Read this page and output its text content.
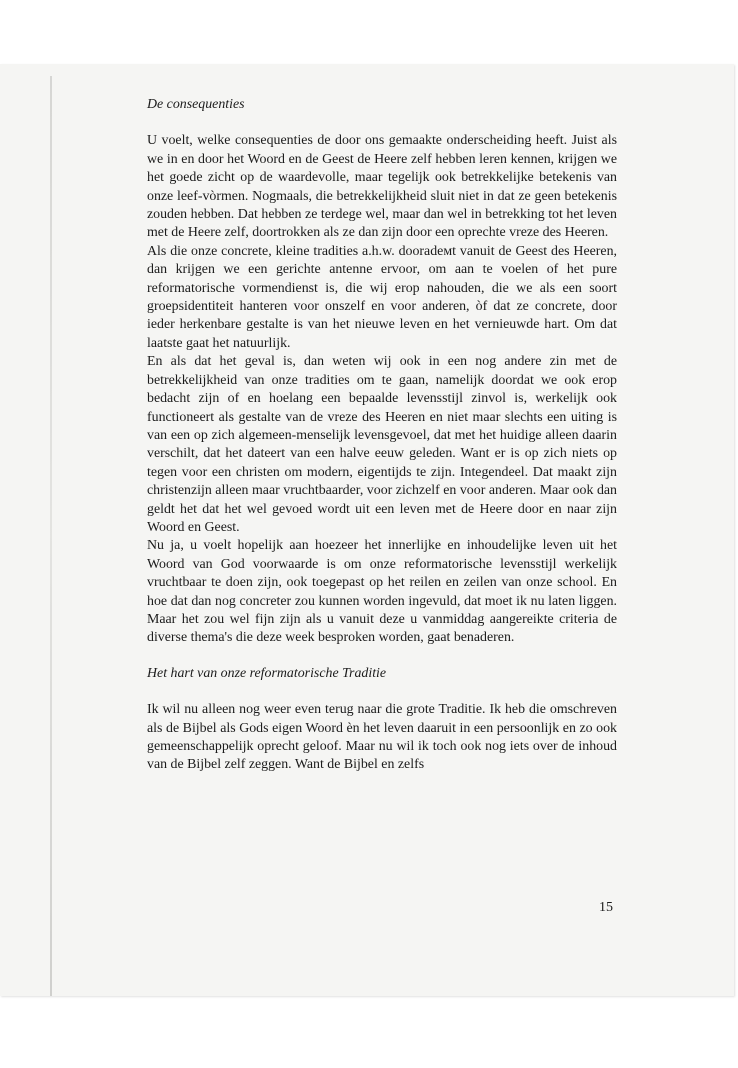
De consequenties

U voelt, welke consequenties de door ons gemaakte onderscheiding heeft. Juist als we in en door het Woord en de Geest de Heere zelf hebben leren kennen, krijgen we het goede zicht op de waardevolle, maar tegelijk ook betrekkelijke betekenis van onze leef-vòrmen. Nogmaals, die betrekkelijkheid sluit niet in dat ze geen betekenis zouden hebben. Dat hebben ze terdege wel, maar dan wel in betrekking tot het leven met de Heere zelf, doortrokken als ze dan zijn door een oprechte vreze des Heeren.

Als die onze concrete, kleine tradities a.h.w. dooradемt vanuit de Geest des Heeren, dan krijgen we een gerichte antenne ervoor, om aan te voelen of het pure reformatorische vormendienst is, die wij erop nahouden, die we als een soort groepsidentiteit hanteren voor onszelf en voor anderen, òf dat ze concrete, door ieder herkenbare gestalte is van het nieuwe leven en het vernieuwde hart. Om dat laatste gaat het natuurlijk.

En als dat het geval is, dan weten wij ook in een nog andere zin met de betrekkelijkheid van onze tradities om te gaan, namelijk doordat we ook erop bedacht zijn of en hoelang een bepaalde levensstijl zinvol is, werkelijk ook functioneert als gestalte van de vreze des Heeren en niet maar slechts een uiting is van een op zich algemeen-menselijk levensgevoel, dat met het huidige alleen daarin verschilt, dat het dateert van een halve eeuw geleden. Want er is op zich niets op tegen voor een christen om modern, eigentijds te zijn. Integendeel. Dat maakt zijn christenzijn alleen maar vruchtbaarder, voor zichzelf en voor anderen. Maar ook dan geldt het dat het wel gevoed wordt uit een leven met de Heere door en naar zijn Woord en Geest.

Nu ja, u voelt hopelijk aan hoezeer het innerlijke en inhoudelijke leven uit het Woord van God voorwaarde is om onze reformatorische levensstijl werkelijk vruchtbaar te doen zijn, ook toegepast op het reilen en zeilen van onze school. En hoe dat dan nog concreter zou kunnen worden ingevuld, dat moet ik nu laten liggen. Maar het zou wel fijn zijn als u vanuit deze u vanmiddag aangereikte criteria de diverse thema's die deze week besproken worden, gaat benaderen.

Het hart van onze reformatorische Traditie

Ik wil nu alleen nog weer even terug naar die grote Traditie. Ik heb die omschreven als de Bijbel als Gods eigen Woord èn het leven daaruit in een persoonlijk en zo ook gemeenschappelijk oprecht geloof. Maar nu wil ik toch ook nog iets over de inhoud van de Bijbel zelf zeggen. Want de Bijbel en zelfs

15
